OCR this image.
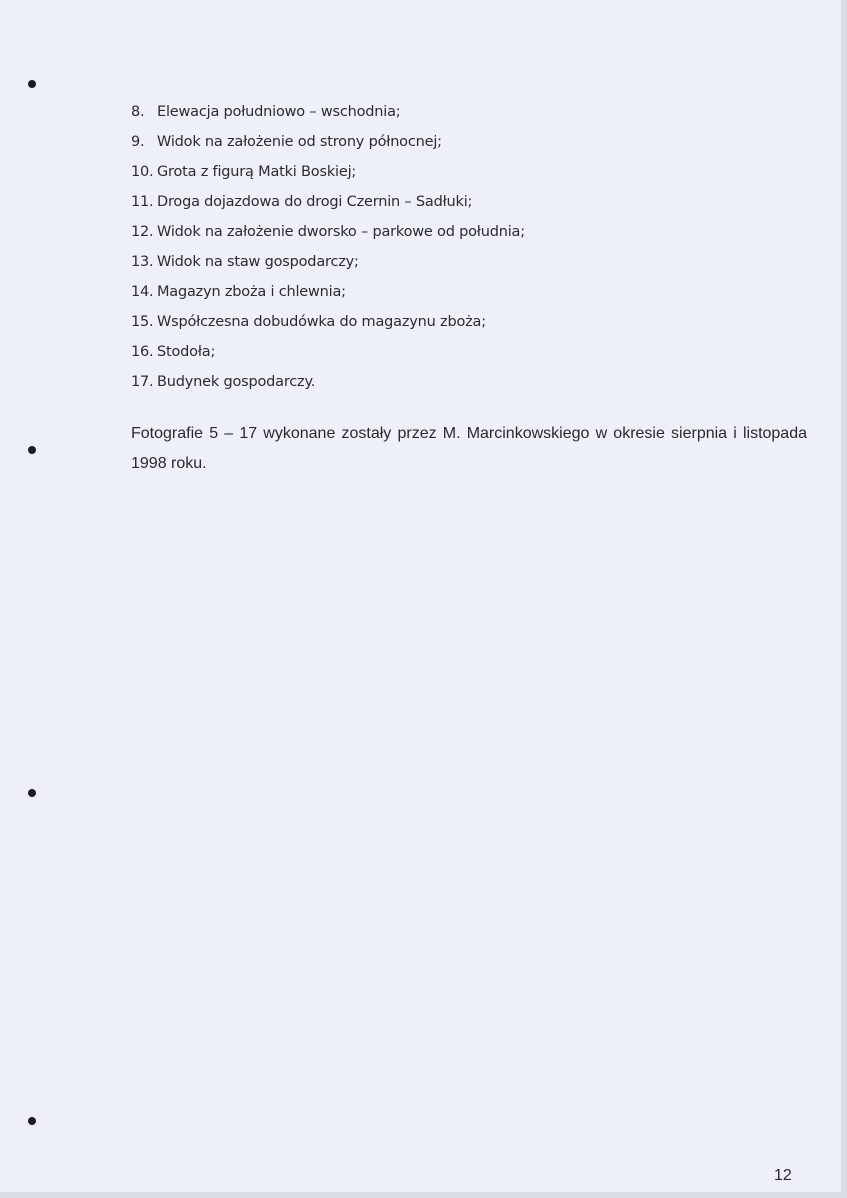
8. Elewacja południowo – wschodnia;
9. Widok na założenie od strony północnej;
10. Grota z figurą Matki Boskiej;
11. Droga dojazdowa do drogi Czernin – Sadłuki;
12. Widok na założenie dworsko – parkowe od południa;
13. Widok na staw gospodarczy;
14. Magazyn zboża i chlewnia;
15. Współczesna dobudówka do magazynu zboża;
16. Stodoła;
17. Budynek gospodarczy.

Fotografie 5 – 17 wykonane zostały przez M. Marcinkowskiego w okresie sierpnia i listopada 1998 roku.

12
